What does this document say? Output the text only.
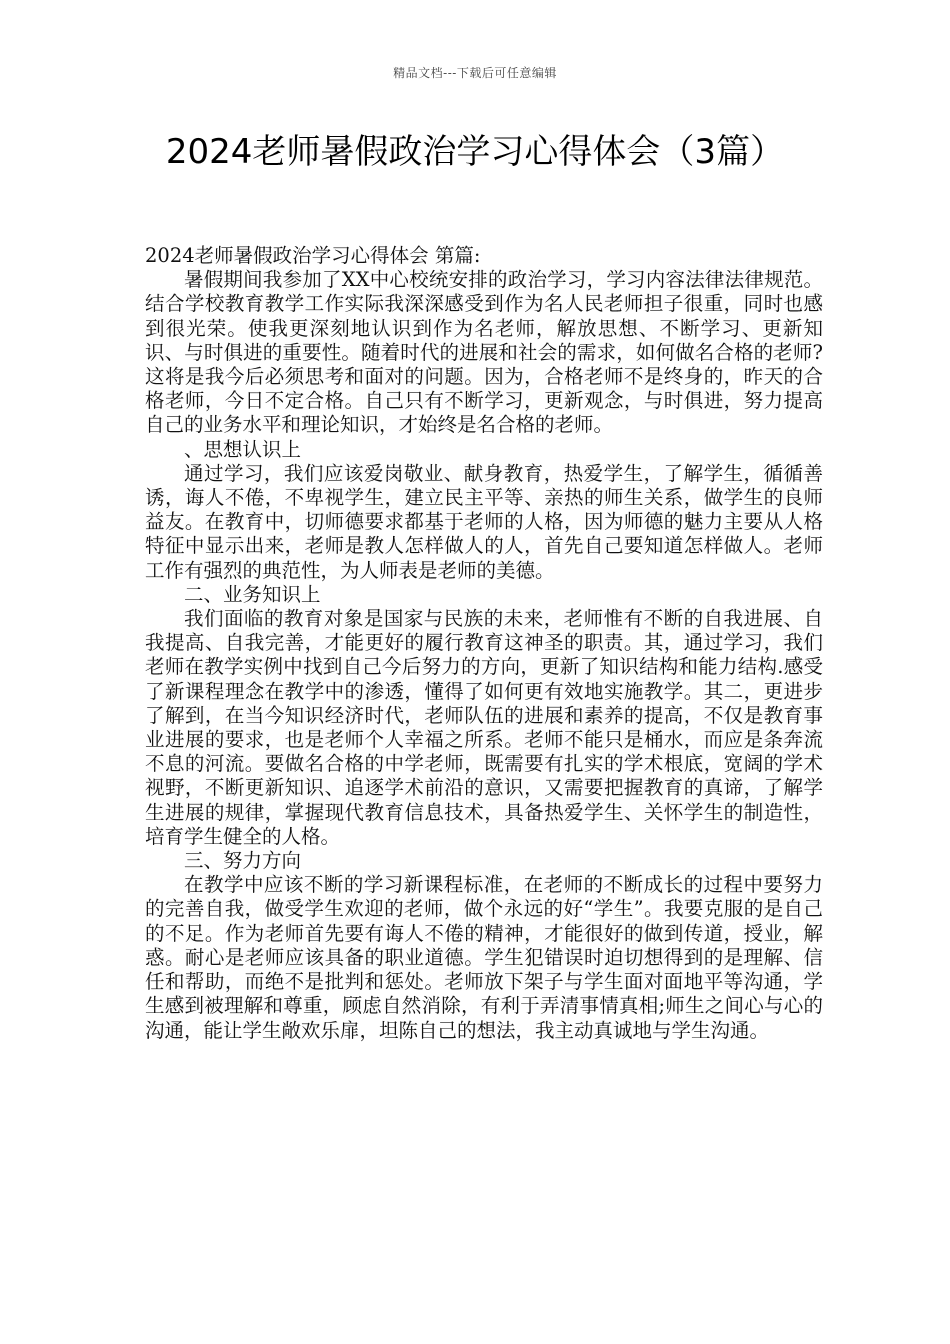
精品文档---下载后可任意编辑
2024老师暑假政治学习心得体会（3篇）

2024老师暑假政治学习心得体会 第篇:

暑假期间我参加了XX中心校统安排的政治学习，学习内容法律法律规范。结合学校教育教学工作实际我深深感受到作为名人民老师担子很重，同时也感到很光荣。使我更深刻地认识到作为名老师，解放思想、不断学习、更新知识、与时俱进的重要性。随着时代的进展和社会的需求，如何做名合格的老师?这将是我今后必须思考和面对的问题。因为，合格老师不是终身的，昨天的合格老师，今日不定合格。自己只有不断学习，更新观念，与时俱进，努力提高自己的业务水平和理论知识，才始终是名合格的老师。

、思想认识上

通过学习，我们应该爱岗敬业、献身教育，热爱学生，了解学生，循循善诱，诲人不倦，不卑视学生，建立民主平等、亲热的师生关系，做学生的良师益友。在教育中，切师德要求都基于老师的人格，因为师德的魅力主要从人格特征中显示出来，老师是教人怎样做人的人，首先自己要知道怎样做人。老师工作有强烈的典范性，为人师表是老师的美德。

二、业务知识上

我们面临的教育对象是国家与民族的未来，老师惟有不断的自我进展、自我提高、自我完善，才能更好的履行教育这神圣的职责。其，通过学习，我们老师在教学实例中找到自己今后努力的方向，更新了知识结构和能力结构.感受了新课程理念在教学中的渗透，懂得了如何更有效地实施教学。其二，更进步了解到，在当今知识经济时代，老师队伍的进展和素养的提高，不仅是教育事业进展的要求，也是老师个人幸福之所系。老师不能只是桶水，而应是条奔流不息的河流。要做名合格的中学老师，既需要有扎实的学术根底，宽阔的学术视野，不断更新知识、追逐学术前沿的意识，又需要把握教育的真谛，了解学生进展的规律，掌握现代教育信息技术，具备热爱学生、关怀学生的制造性，培育学生健全的人格。

三、努力方向

在教学中应该不断的学习新课程标准，在老师的不断成长的过程中要努力的完善自我，做受学生欢迎的老师，做个永远的好“学生”。我要克服的是自己的不足。作为老师首先要有诲人不倦的精神，才能很好的做到传道，授业，解惑。耐心是老师应该具备的职业道德。学生犯错误时迫切想得到的是理解、信任和帮助，而绝不是批判和惩处。老师放下架子与学生面对面地平等沟通，学生感到被理解和尊重，顾虑自然消除，有利于弄清事情真相;师生之间心与心的沟通，能让学生敞欢乐扉，坦陈自己的想法，我主动真诚地与学生沟通。
